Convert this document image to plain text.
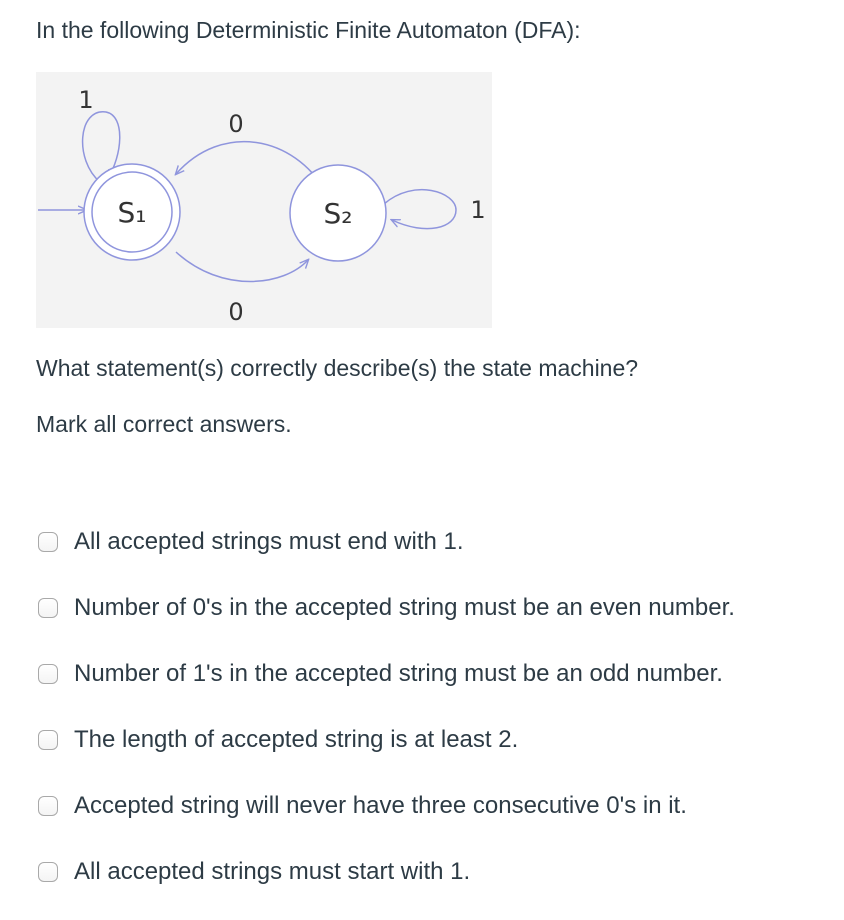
In the following Deterministic Finite Automaton (DFA):
S₁	S₂
1
0
1
0
What statement(s) correctly describe(s) the state machine?
Mark all correct answers.
All accepted strings must end with 1.
Number of 0's in the accepted string must be an even number.
Number of 1's in the accepted string must be an odd number.
The length of accepted string is at least 2.
Accepted string will never have three consecutive 0's in it.
All accepted strings must start with 1.
